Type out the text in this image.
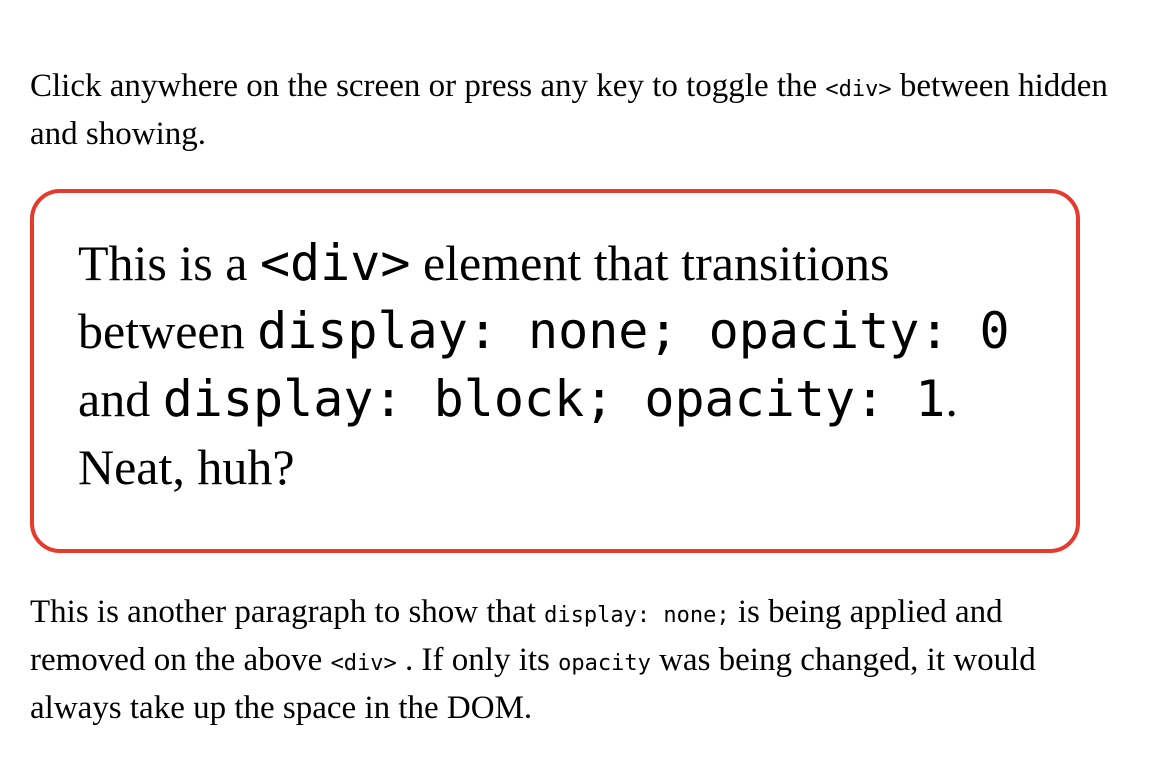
Click anywhere on the screen or press any key to toggle the <div> between hidden and showing.

This is a <div> element that transitions between display: none; opacity: 0 and display: block; opacity: 1. Neat, huh?

This is another paragraph to show that display: none; is being applied and removed on the above <div> . If only its opacity was being changed, it would always take up the space in the DOM.
